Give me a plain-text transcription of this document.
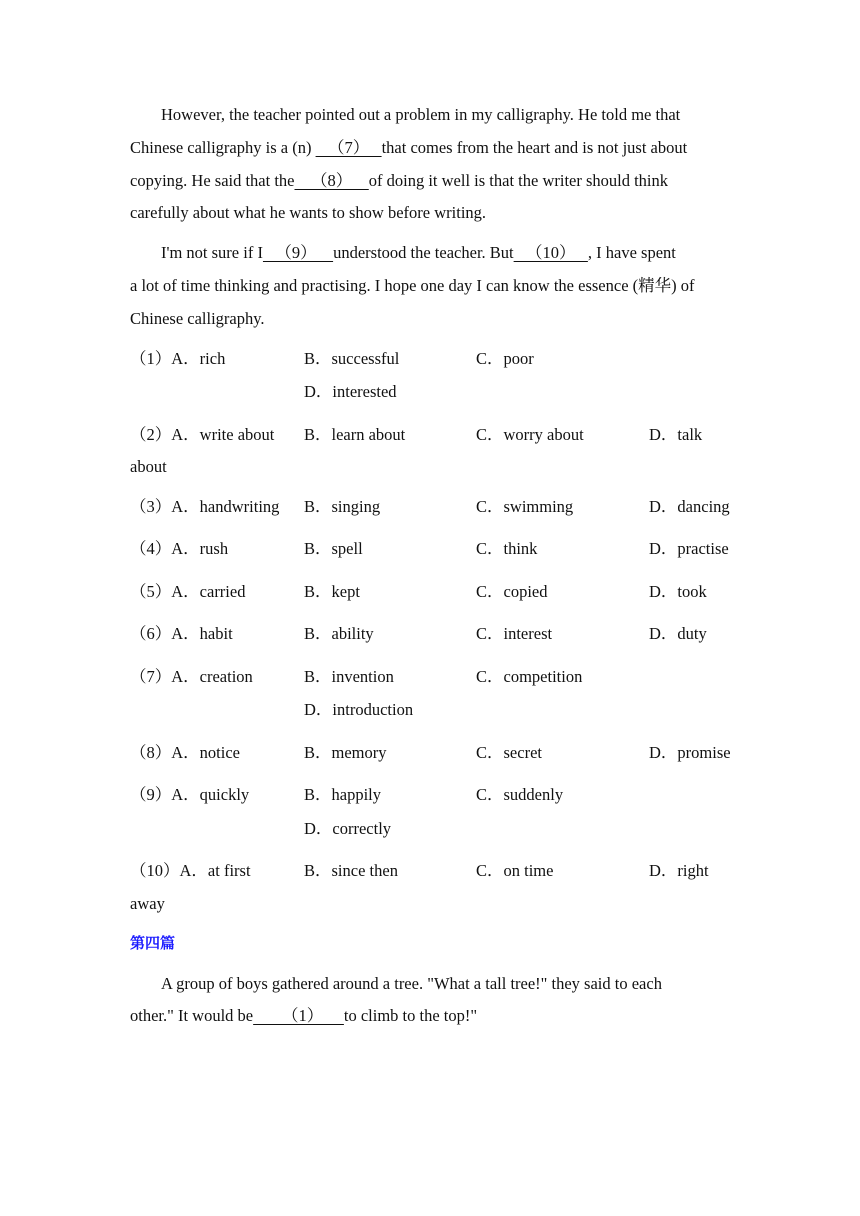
However, the teacher pointed out a problem in my calligraphy. He told me that

Chinese calligraphy is a (n)    （7）   that comes from the heart and is not just about
copying. He said that the    （8）    of doing it well is that the writer should think
carefully about what he wants to show before writing.
I'm not sure if I   （9）    understood the teacher. But   （10）   , I have spent
a lot of time thinking and practising. I hope one day I can know the essence (精华) of
Chinese calligraphy.
（1）A．rich	B．successful	C．poor
D．interested
（2）A．write about B．learn about	C．worry about	D．talk
about
（3）A．handwriting B．singing	C．swimming	D．dancing
（4）A．rush	B．spell	C．think	D．practise
（5）A．carried	B．kept	C．copied	D．took
（6）A．habit	B．ability	C．interest	D．duty
（7）A．creation	B．invention	C．competition
D．introduction
（8）A．notice	B．memory	C．secret	D．promise
（9）A．quickly	B．happily	C．suddenly
D．correctly
（10）A．at first	B．since then	C．on time	D．right
away
第四篇
A group of boys gathered around a tree. "What a tall tree!" they said to each
other." It would be       （1）     to climb to the top!"
